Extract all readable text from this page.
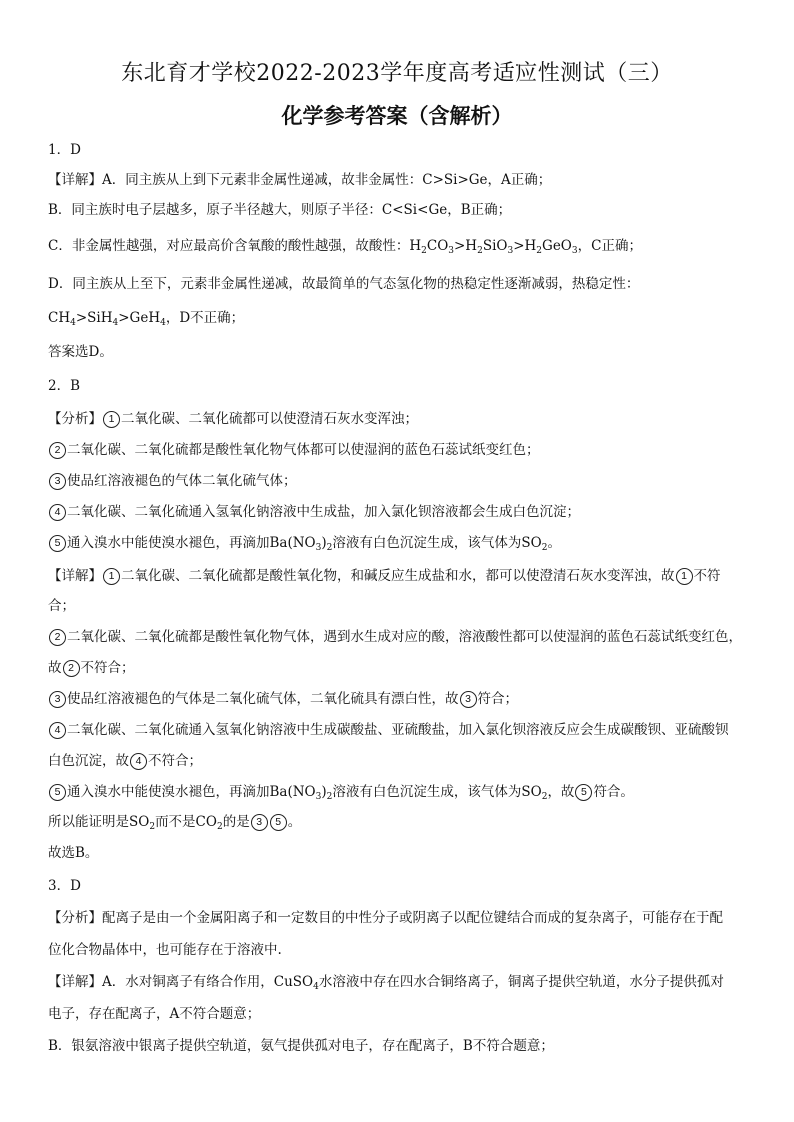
东北育才学校2022-2023学年度高考适应性测试（三）
化学参考答案（含解析）
1．D
【详解】A．同主族从上到下元素非金属性递减，故非金属性：C>Si>Ge，A正确；
B．同主族时电子层越多，原子半径越大，则原子半径：C<Si<Ge，B正确；
C．非金属性越强，对应最高价含氧酸的酸性越强，故酸性：$H_2CO_3>H_2SiO_3>H_2GeO_3$，C正确；
D．同主族从上至下，元素非金属性递减，故最简单的气态氢化物的热稳定性逐渐减弱，热稳定性：
$CH_4>SiH_4>GeH_4$，D不正确；
答案选D。
2．B
【分析】 1 二氧化碳、二氧化硫都可以使澄清石灰水变浑浊；
2 二氧化碳、二氧化硫都是酸性氧化物气体都可以使湿润的蓝色石蕊试纸变红色；
3 使品红溶液褪色的气体二氧化硫气体；
4 二氧化碳、二氧化硫通入氢氧化钠溶液中生成盐，加入氯化钡溶液都会生成白色沉淀；
5 通入溴水中能使溴水褪色，再滴加$Ba(NO_3)_2$溶液有白色沉淀生成，该气体为$SO_2$。
【详解】 1 二氧化碳、二氧化硫都是酸性氧化物，和碱反应生成盐和水，都可以使澄清石灰水变浑浊，故 1 不符
合；
2 二氧化碳、二氧化硫都是酸性氧化物气体，遇到水生成对应的酸，溶液酸性都可以使湿润的蓝色石蕊试纸变红色，
故 2 不符合；
3 使品红溶液褪色的气体是二氧化硫气体，二氧化硫具有漂白性，故 3 符合；
4 二氧化碳、二氧化硫通入氢氧化钠溶液中生成碳酸盐、亚硫酸盐，加入氯化钡溶液反应会生成碳酸钡、亚硫酸钡
白色沉淀，故 4 不符合；
5 通入溴水中能使溴水褪色，再滴加$Ba(NO_3)_2$溶液有白色沉淀生成，该气体为$SO_2$，故 5 符合。
所以能证明是$SO_2$而不是$CO_2$的是 3 5 。
故选B。
3．D
【分析】配离子是由一个金属阳离子和一定数目的中性分子或阴离子以配位键结合而成的复杂离子，可能存在于配
位化合物晶体中，也可能存在于溶液中.
【详解】A．水对铜离子有络合作用，CuSO$_4$水溶液中存在四水合铜络离子，铜离子提供空轨道，水分子提供孤对
电子，存在配离子，A不符合题意；
B．银氨溶液中银离子提供空轨道，氨气提供孤对电子，存在配离子，B不符合题意；
